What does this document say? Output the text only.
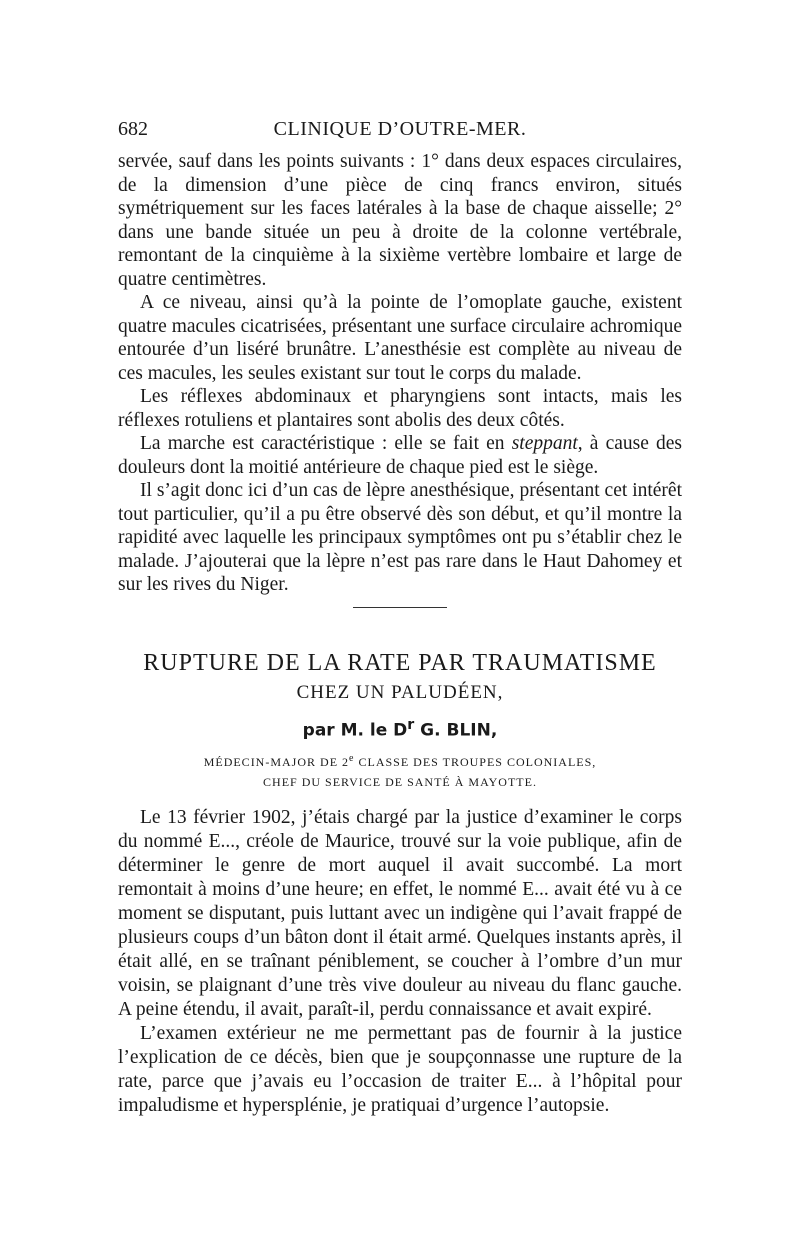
682	CLINIQUE D’OUTRE-MER.

servée, sauf dans les points suivants : 1° dans deux espaces circulaires, de la dimension d’une pièce de cinq francs environ, situés symétriquement sur les faces latérales à la base de chaque aisselle; 2° dans une bande située un peu à droite de la colonne vertébrale, remontant de la cinquième à la sixième vertèbre lombaire et large de quatre centimètres.

A ce niveau, ainsi qu’à la pointe de l’omoplate gauche, existent quatre macules cicatrisées, présentant une surface circulaire achromique entourée d’un liséré brunâtre. L’anesthésie est complète au niveau de ces macules, les seules existant sur tout le corps du malade.

Les réflexes abdominaux et pharyngiens sont intacts, mais les réflexes rotuliens et plantaires sont abolis des deux côtés.

La marche est caractéristique : elle se fait en steppant, à cause des douleurs dont la moitié antérieure de chaque pied est le siège.

Il s’agit donc ici d’un cas de lèpre anesthésique, présentant cet intérêt tout particulier, qu’il a pu être observé dès son début, et qu’il montre la rapidité avec laquelle les principaux symptômes ont pu s’établir chez le malade. J’ajouterai que la lèpre n’est pas rare dans le Haut Dahomey et sur les rives du Niger.

RUPTURE DE LA RATE PAR TRAUMATISME
CHEZ UN PALUDÉEN,
par M. le $D^r$ G. BLIN,
MÉDECIN-MAJOR DE 2e CLASSE DES TROUPES COLONIALES,
CHEF DU SERVICE DE SANTÉ À MAYOTTE.

Le 13 février 1902, j’étais chargé par la justice d’examiner le corps du nommé E..., créole de Maurice, trouvé sur la voie publique, afin de déterminer le genre de mort auquel il avait succombé. La mort remontait à moins d’une heure; en effet, le nommé E... avait été vu à ce moment se disputant, puis luttant avec un indigène qui l’avait frappé de plusieurs coups d’un bâton dont il était armé. Quelques instants après, il était allé, en se traînant péniblement, se coucher à l’ombre d’un mur voisin, se plaignant d’une très vive douleur au niveau du flanc gauche. A peine étendu, il avait, paraît-il, perdu connaissance et avait expiré.

L’examen extérieur ne me permettant pas de fournir à la justice l’explication de ce décès, bien que je soupçonnasse une rupture de la rate, parce que j’avais eu l’occasion de traiter E... à l’hôpital pour impaludisme et hypersplénie, je pratiquai d’urgence l’autopsie.
